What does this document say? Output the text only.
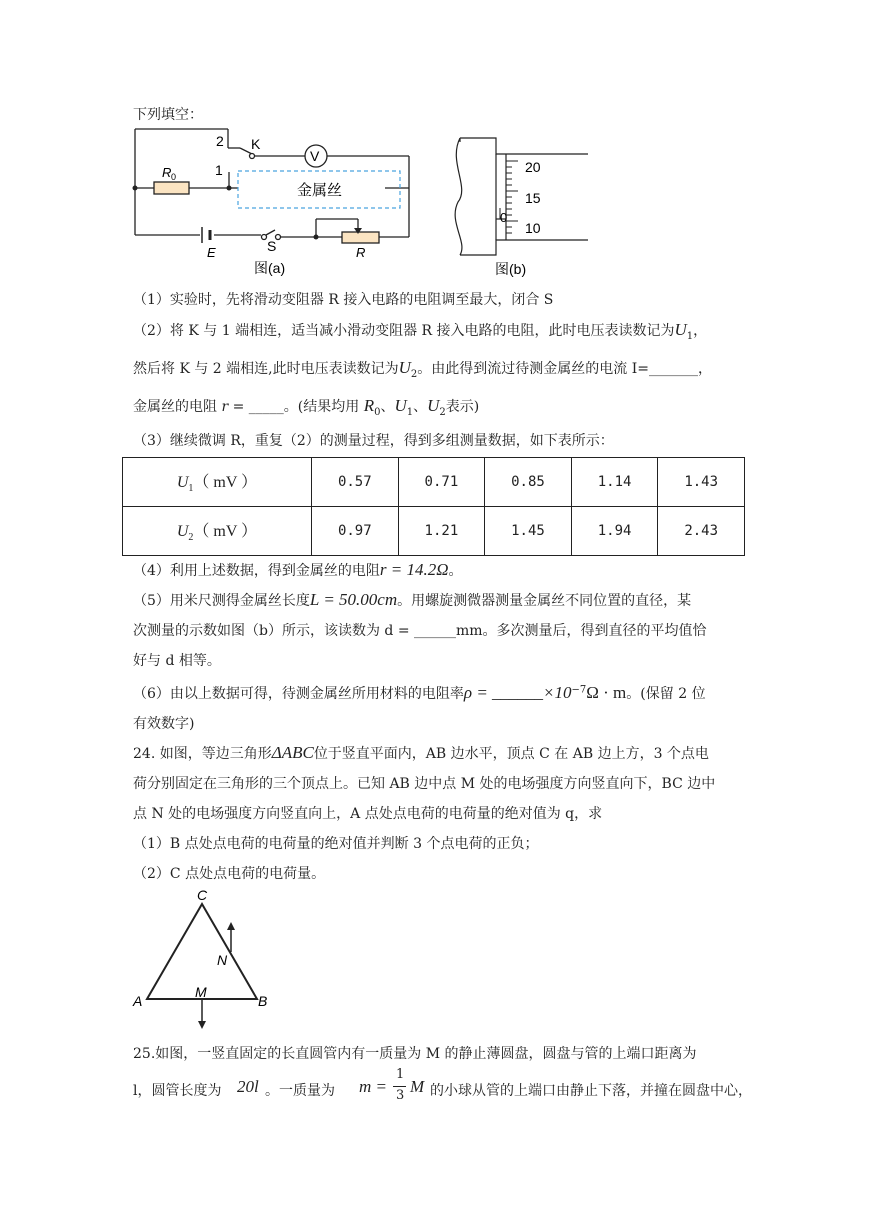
下列填空：
2
1
K
V
R 0
金属丝
E	S	R
图(a)
20
15
10
0
图(b)
（1）实验时，先将滑动变阻器 R 接入电路的电阻调至最大，闭合 S
（2）将 K 与 1 端相连，适当减小滑动变阻器 R 接入电路的电阻，此时电压表读数记为$U_1$，
然后将 K 与 2 端相连,此时电压表读数记为$U_2$。由此得到流过待测金属丝的电流 I=_______，
金属丝的电阻 r = _____。(结果均用 $R_0$、$U_1$、$U_2$表示)
（3）继续微调 R，重复（2）的测量过程，得到多组测量数据，如下表所示：
$U_1$（ mV ）	0.57	0.71	0.85	1.14	1.43
$U_2$（ mV ）	0.97	1.21	1.45	1.94	2.43
（4）利用上述数据，得到金属丝的电阻r = 14.2Ω。
（5）用米尺测得金属丝长度L = 50.00cm。用螺旋测微器测量金属丝不同位置的直径，某
次测量的示数如图（b）所示，该读数为 d = ______mm。多次测量后，得到直径的平均值恰
好与 d 相等。
（6）由以上数据可得，待测金属丝所用材料的电阻率$\rho = \_\_\_\_\_\_\times 10^{-7}\Omega \cdot m$。(保留 2 位
有效数字)
24. 如图，等边三角形ΔABC位于竖直平面内，AB 边水平，顶点 C 在 AB 边上方，3 个点电
荷分别固定在三角形的三个顶点上。已知 AB 边中点 M 处的电场强度方向竖直向下，BC 边中
点 N 处的电场强度方向竖直向上，A 点处点电荷的电荷量的绝对值为 q，求
（1）B 点处点电荷的电荷量的绝对值并判断 3 个点电荷的正负；
（2）C 点处点电荷的电荷量。
C
N
A
M
B
25.如图，一竖直固定的长直圆管内有一质量为 M 的静止薄圆盘，圆盘与管的上端口距离为
l，圆管长度为 20l 。一质量为 m =
1
3 M 的小球从管的上端口由静止下落，并撞在圆盘中心，
